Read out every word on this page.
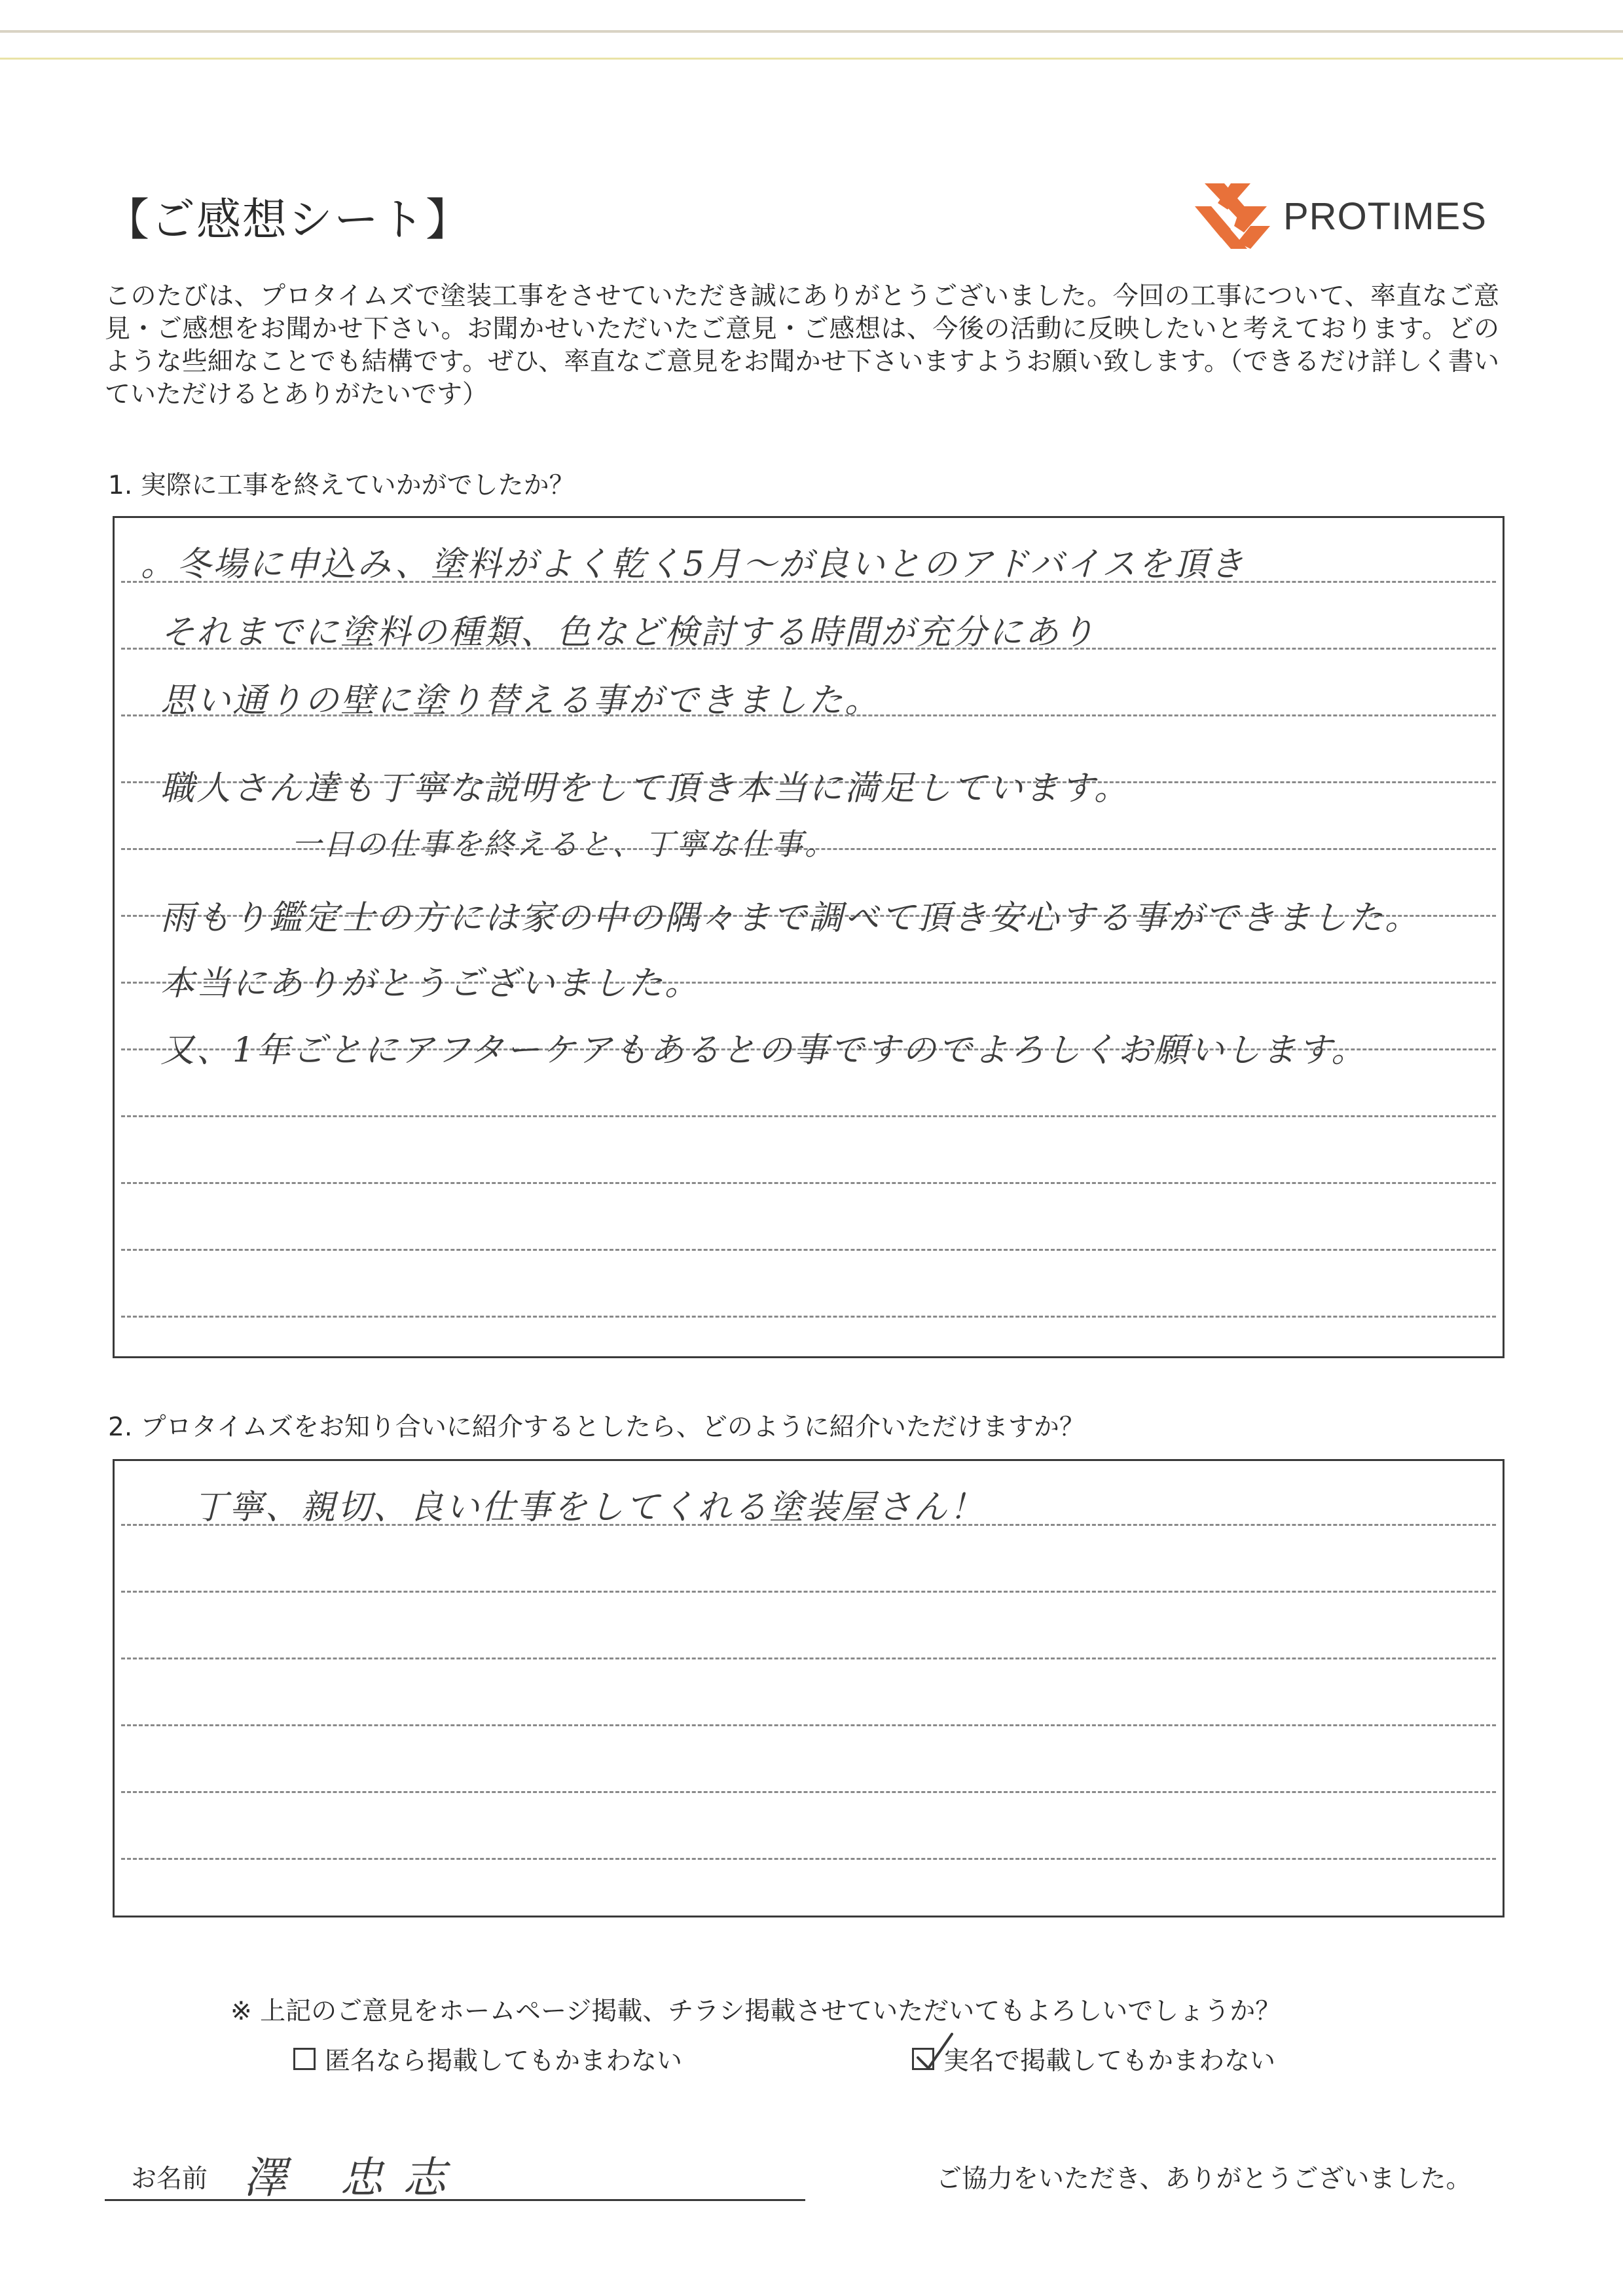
【ご感想シート】	PROTIMES
このたびは、プロタイムズで塗装工事をさせていただき誠にありがとうございました。今回の工事について、率直なご意見・ご感想をお聞かせ下さい。お聞かせいただいたご意見・ご感想は、今後の活動に反映したいと考えております。どのような些細なことでも結構です。ぜひ、率直なご意見をお聞かせ下さいますようお願い致します。（できるだけ詳しく書いていただけるとありがたいです）
1. 実際に工事を終えていかがでしたか？
。冬場に申込み、塗料がよく乾く5月～が良いとのアドバイスを頂き
それまでに塗料の種類、色など検討する時間が充分にあり
思い通りの壁に塗り替える事ができました。
職人さん達も丁寧な説明をして頂き本当に満足しています。
一日の仕事を終えると、丁寧な仕事。
雨もり鑑定士の方には家の中の隅々まで調べて頂き安心する事ができました。
本当にありがとうございました。
又、1年ごとにアフターケアもあるとの事ですのでよろしくお願いします。
2. プロタイムズをお知り合いに紹介するとしたら、どのように紹介いただけますか？
丁寧、親切、良い仕事をしてくれる塗装屋さん！
※ 上記のご意見をホームページ掲載、チラシ掲載させていただいてもよろしいでしょうか？
匿名なら掲載してもかまわない	実名で掲載してもかまわない
お名前 澤 忠志	ご協力をいただき、ありがとうございました。
